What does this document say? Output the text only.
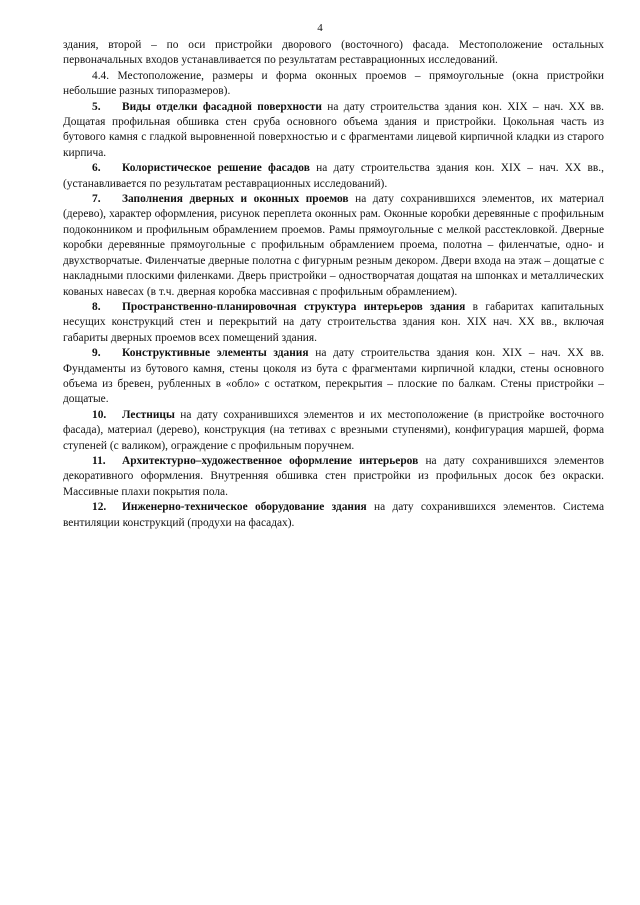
4

здания, второй – по оси пристройки дворового (восточного) фасада. Местоположение остальных первоначальных входов устанавливается по результатам реставрационных исследований.

4.4. Местоположение, размеры и форма оконных проемов – прямоугольные (окна пристройки небольшие разных типоразмеров).

5. Виды отделки фасадной поверхности на дату строительства здания кон. XIX – нач. XX вв. Дощатая профильная обшивка стен сруба основного объема здания и пристройки. Цокольная часть из бутового камня с гладкой выровненной поверхностью и с фрагментами лицевой кирпичной кладки из старого кирпича.

6. Колористическое решение фасадов на дату строительства здания кон. XIX – нач. XX вв., (устанавливается по результатам реставрационных исследований).

7. Заполнения дверных и оконных проемов на дату сохранившихся элементов, их материал (дерево), характер оформления, рисунок переплета оконных рам. Оконные коробки деревянные с профильным подоконником и профильным обрамлением проемов. Рамы прямоугольные с мелкой расстекловкой. Дверные коробки деревянные прямоугольные с профильным обрамлением проема, полотна – филенчатые, одно- и двухстворчатые. Филенчатые дверные полотна с фигурным резным декором. Двери входа на этаж – дощатые с накладными плоскими филенками. Дверь пристройки – одностворчатая дощатая на шпонках и металлических кованых навесах (в т.ч. дверная коробка массивная с профильным обрамлением).

8. Пространственно-планировочная структура интерьеров здания в габаритах капитальных несущих конструкций стен и перекрытий на дату строительства здания кон. XIX нач. XX вв., включая габариты дверных проемов всех помещений здания.

9. Конструктивные элементы здания на дату строительства здания кон. XIX – нач. XX вв. Фундаменты из бутового камня, стены цоколя из бута с фрагментами кирпичной кладки, стены основного объема из бревен, рубленных в «обло» с остатком, перекрытия – плоские по балкам. Стены пристройки – дощатые.

10. Лестницы на дату сохранившихся элементов и их местоположение (в пристройке восточного фасада), материал (дерево), конструкция (на тетивах с врезными ступенями), конфигурация маршей, форма ступеней (с валиком), ограждение с профильным поручнем.

11. Архитектурно–художественное оформление интерьеров на дату сохранившихся элементов декоративного оформления. Внутренняя обшивка стен пристройки из профильных досок без окраски. Массивные плахи покрытия пола.

12. Инженерно-техническое оборудование здания на дату сохранившихся элементов. Система вентиляции конструкций (продухи на фасадах).
